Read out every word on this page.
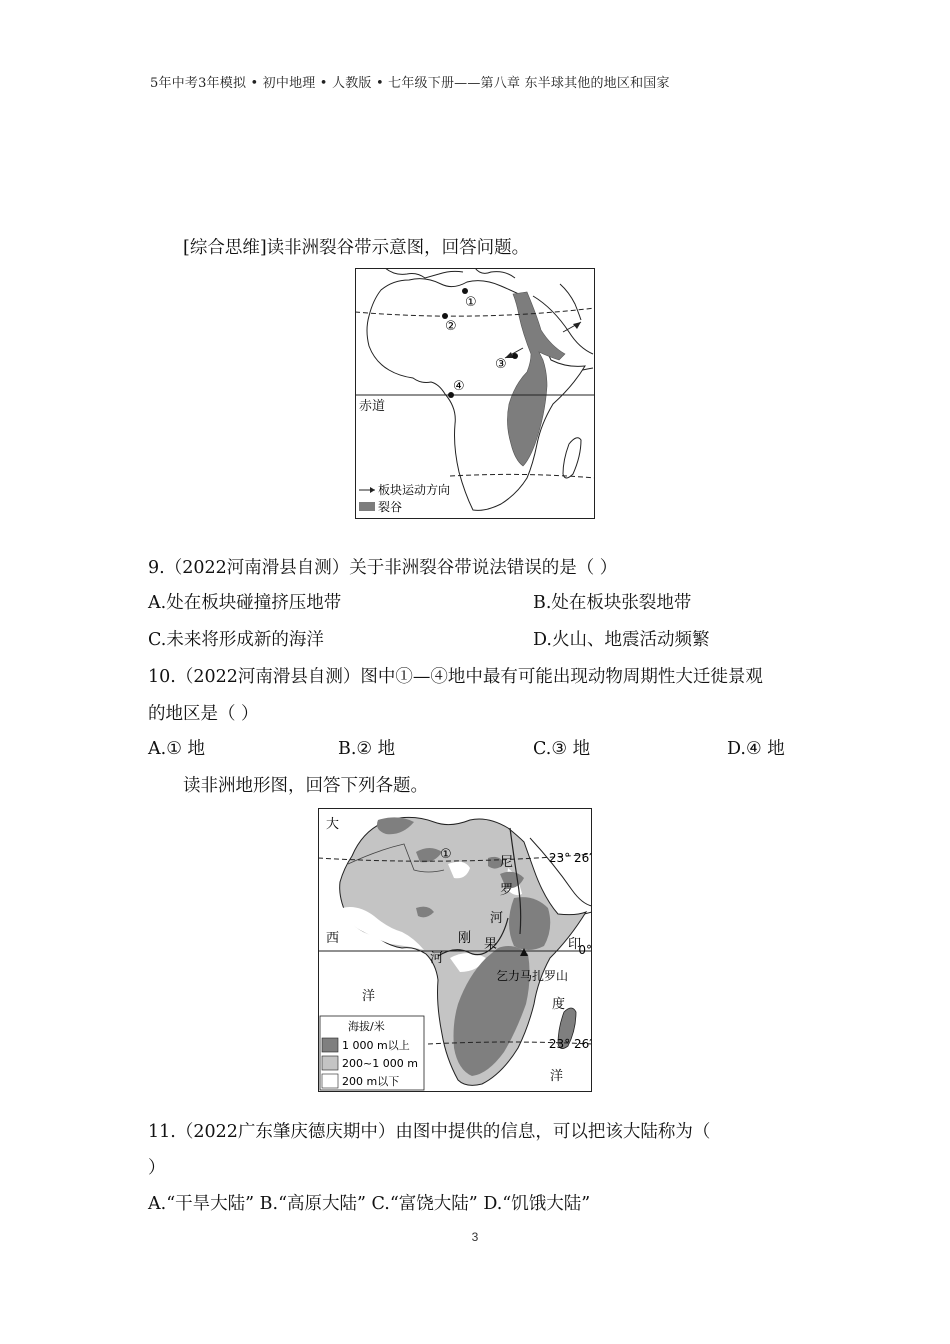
5年中考3年模拟 • 初中地理 • 人教版 • 七年级下册——第八章 东半球其他的地区和国家
[综合思维]读非洲裂谷带示意图，回答问题。
赤道
①
②
③
④
板块运动方向
裂谷
9.（2022河南滑县自测）关于非洲裂谷带说法错误的是（ ）
A.处在板块碰撞挤压地带	B.处在板块张裂地带
C.未来将形成新的海洋	D.火山、地震活动频繁
10.（2022河南滑县自测）图中①—④地中最有可能出现动物周期性大迁徙景观
的地区是（ ）
A.① 地	B.② 地	C.③ 地	D.④ 地
读非洲地形图，回答下列各题。
大
西
洋
印
度
洋
尼
罗
河
刚 果
河
①
乞力马扎罗山
23° 26′
0°
23° 26′
海拔/米
1 000 m以上
200~1 000 m
200 m以下
11.（2022广东肇庆德庆期中）由图中提供的信息，可以把该大陆称为（
）
A.“干旱大陆” B.“高原大陆” C.“富饶大陆” D.“饥饿大陆”
3
